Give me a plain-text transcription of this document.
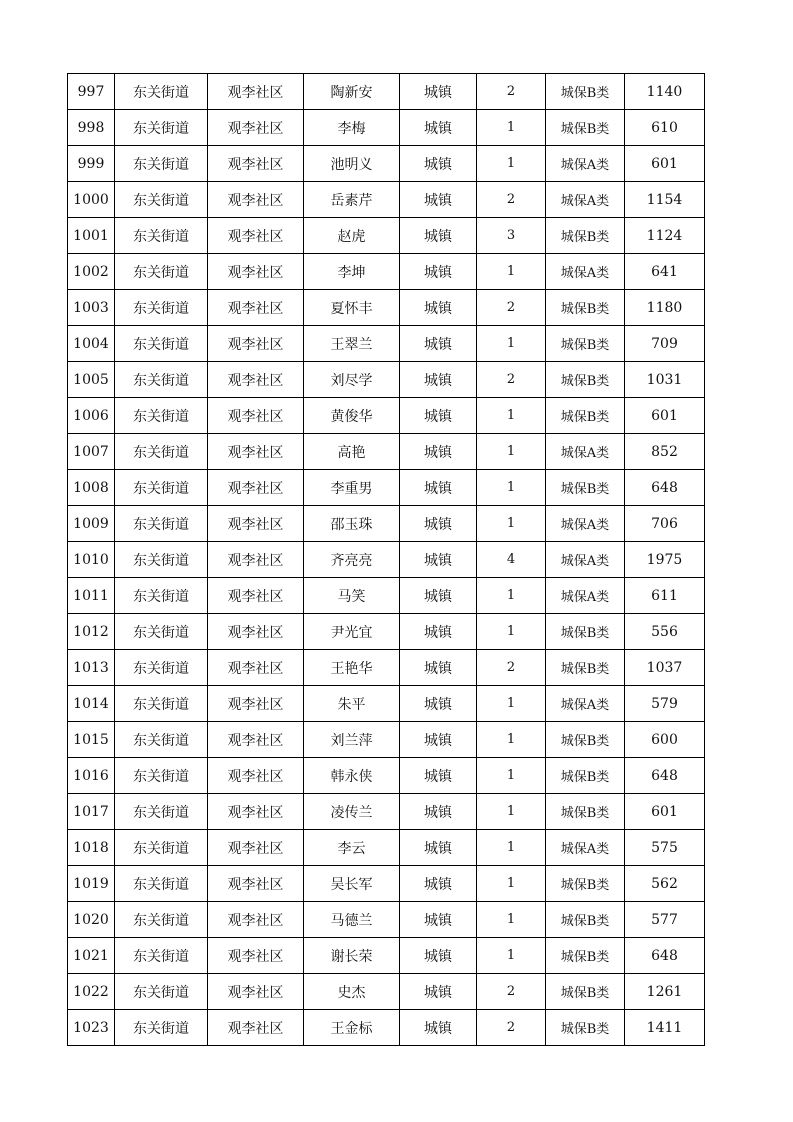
997	东关街道	观李社区	陶新安	城镇	2	城保B类	1140
998	东关街道	观李社区	李梅	城镇	1	城保B类	610
999	东关街道	观李社区	池明义	城镇	1	城保A类	601
1000	东关街道	观李社区	岳素芹	城镇	2	城保A类	1154
1001	东关街道	观李社区	赵虎	城镇	3	城保B类	1124
1002	东关街道	观李社区	李坤	城镇	1	城保A类	641
1003	东关街道	观李社区	夏怀丰	城镇	2	城保B类	1180
1004	东关街道	观李社区	王翠兰	城镇	1	城保B类	709
1005	东关街道	观李社区	刘尽学	城镇	2	城保B类	1031
1006	东关街道	观李社区	黄俊华	城镇	1	城保B类	601
1007	东关街道	观李社区	高艳	城镇	1	城保A类	852
1008	东关街道	观李社区	李重男	城镇	1	城保B类	648
1009	东关街道	观李社区	邵玉珠	城镇	1	城保A类	706
1010	东关街道	观李社区	齐亮亮	城镇	4	城保A类	1975
1011	东关街道	观李社区	马笑	城镇	1	城保A类	611
1012	东关街道	观李社区	尹光宜	城镇	1	城保B类	556
1013	东关街道	观李社区	王艳华	城镇	2	城保B类	1037
1014	东关街道	观李社区	朱平	城镇	1	城保A类	579
1015	东关街道	观李社区	刘兰萍	城镇	1	城保B类	600
1016	东关街道	观李社区	韩永侠	城镇	1	城保B类	648
1017	东关街道	观李社区	凌传兰	城镇	1	城保B类	601
1018	东关街道	观李社区	李云	城镇	1	城保A类	575
1019	东关街道	观李社区	吴长军	城镇	1	城保B类	562
1020	东关街道	观李社区	马德兰	城镇	1	城保B类	577
1021	东关街道	观李社区	谢长荣	城镇	1	城保B类	648
1022	东关街道	观李社区	史杰	城镇	2	城保B类	1261
1023	东关街道	观李社区	王金标	城镇	2	城保B类	1411
